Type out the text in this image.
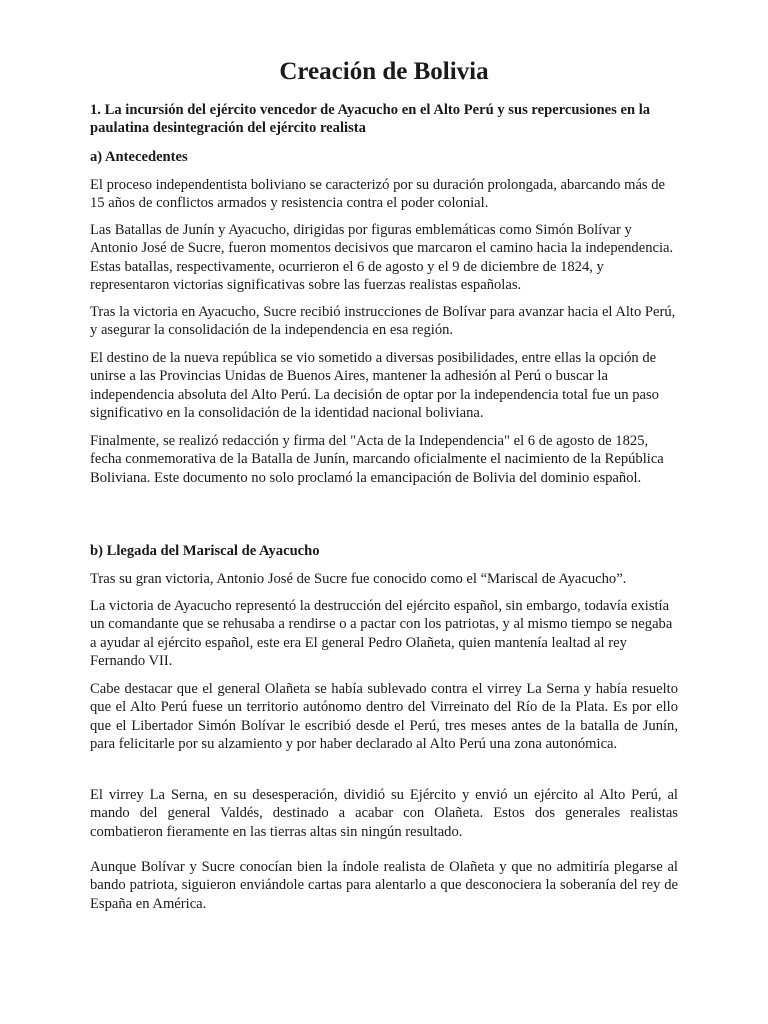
Creación de Bolivia

1. La incursión del ejército vencedor de Ayacucho en el Alto Perú y sus repercusiones en la paulatina desintegración del ejército realista

a) Antecedentes

El proceso independentista boliviano se caracterizó por su duración prolongada, abarcando más de 15 años de conflictos armados y resistencia contra el poder colonial.

Las Batallas de Junín y Ayacucho, dirigidas por figuras emblemáticas como Simón Bolívar y Antonio José de Sucre, fueron momentos decisivos que marcaron el camino hacia la independencia. Estas batallas, respectivamente, ocurrieron el 6 de agosto y el 9 de diciembre de 1824, y representaron victorias significativas sobre las fuerzas realistas españolas.

Tras la victoria en Ayacucho, Sucre recibió instrucciones de Bolívar para avanzar hacia el Alto Perú, y asegurar la consolidación de la independencia en esa región.

El destino de la nueva república se vio sometido a diversas posibilidades, entre ellas la opción de unirse a las Provincias Unidas de Buenos Aires, mantener la adhesión al Perú o buscar la independencia absoluta del Alto Perú. La decisión de optar por la independencia total fue un paso significativo en la consolidación de la identidad nacional boliviana.

Finalmente, se realizó redacción y firma del "Acta de la Independencia" el 6 de agosto de 1825, fecha conmemorativa de la Batalla de Junín, marcando oficialmente el nacimiento de la República Boliviana. Este documento no solo proclamó la emancipación de Bolivia del dominio español.

b) Llegada del Mariscal de Ayacucho

Tras su gran victoria, Antonio José de Sucre fue conocido como el “Mariscal de Ayacucho”.

La victoria de Ayacucho representó la destrucción del ejército español, sin embargo, todavía existía un comandante que se rehusaba a rendirse o a pactar con los patriotas, y al mismo tiempo se negaba a ayudar al ejército español, este era El general Pedro Olañeta, quien mantenía lealtad al rey Fernando VII.

Cabe destacar que el general Olañeta se había sublevado contra el virrey La Serna y había resuelto que el Alto Perú fuese un territorio autónomo dentro del Virreinato del Río de la Plata. Es por ello que el Libertador Simón Bolívar le escribió desde el Perú, tres meses antes de la batalla de Junín, para felicitarle por su alzamiento y por haber declarado al Alto Perú una zona autonómica.

El virrey La Serna, en su desesperación, dividió su Ejército y envió un ejército al Alto Perú, al mando del general Valdés, destinado a acabar con Olañeta. Estos dos generales realistas combatieron fieramente en las tierras altas sin ningún resultado.

Aunque Bolívar y Sucre conocían bien la índole realista de Olañeta y que no admitiría plegarse al bando patriota, siguieron enviándole cartas para alentarlo a que desconociera la soberanía del rey de España en América.
